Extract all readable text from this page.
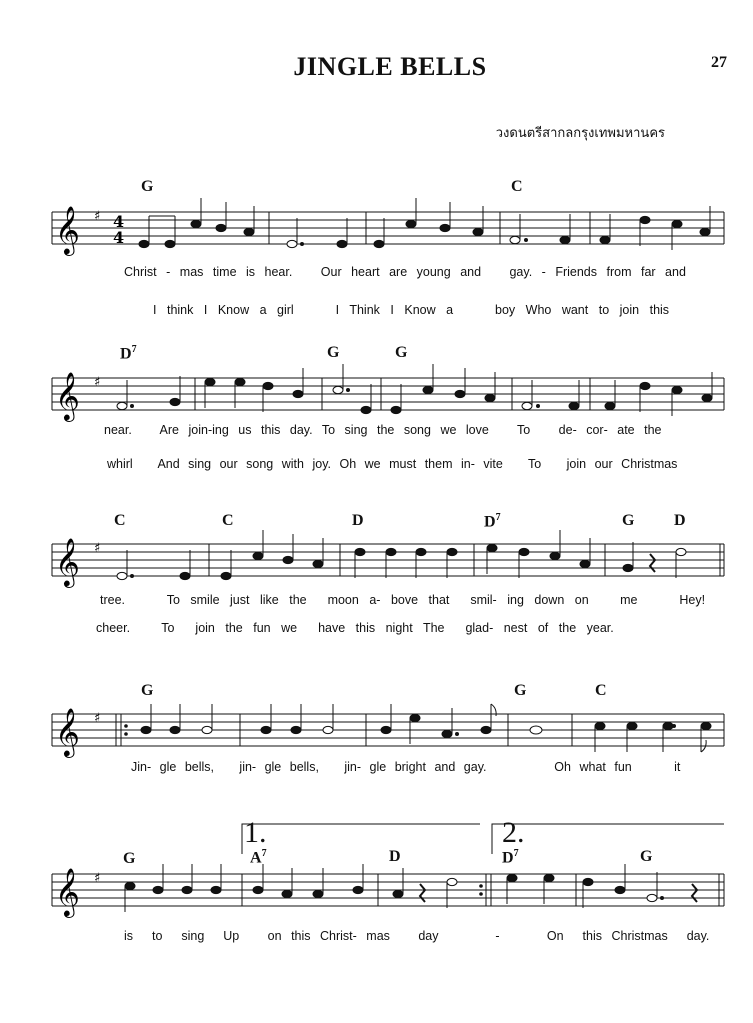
JINGLE BELLS	27
วงดนตรีสากลกรุงเทพมหานคร
G	C
𝄞 ♯ 4
4
Christ - mas time is hear. Our heart are young and gay. - Friends from far and
I think I Know a girl	I Think I Know a	boy Who want to join this
$D^7$	G	G
𝄞 ♯
near. Are join-ing us this day. To sing the song we love To de- cor- ate the
whirl And sing our song with joy. Oh we must them in- vite To join our Christmas
C	C	D	$D^7$	G D
𝄞 ♯
tree.	To smile just like the moon a- bove that smil- ing down on	me	Hey!
cheer. To join the fun we have this night The glad- nest of the year.
G	G	C
𝄞 ♯
Jin- gle bells, jin- gle bells, jin- gle bright and gay.	Oh what fun	it
1.	2.
G	$A^7$	D	$D^7$	G
𝄞 ♯
is to sing Up on this Christ- mas day	-	On this Christmas day.
